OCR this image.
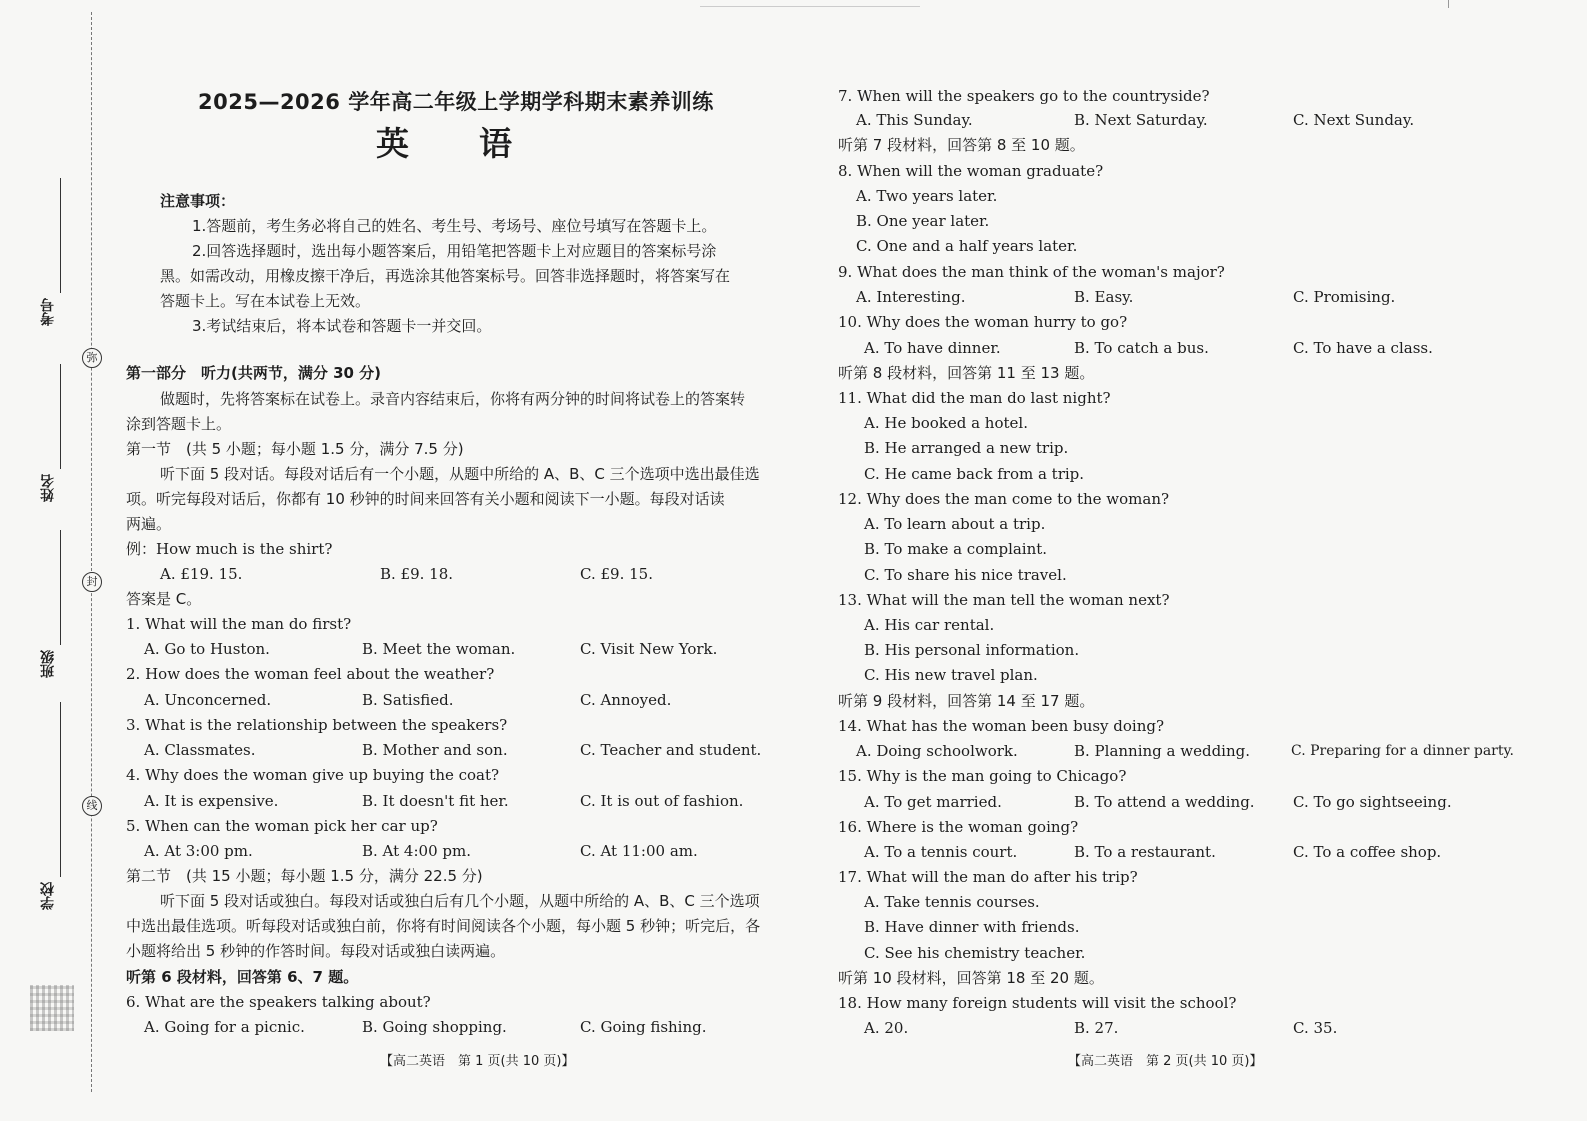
弥
封
线
考号
姓名
班级
学校
2025—2026 学年高二年级上学期学科期末素养训练
英语
注意事项：
1.答题前，考生务必将自己的姓名、考生号、考场号、座位号填写在答题卡上。
2.回答选择题时，选出每小题答案后，用铅笔把答题卡上对应题目的答案标号涂
黑。如需改动，用橡皮擦干净后，再选涂其他答案标号。回答非选择题时，将答案写在
答题卡上。写在本试卷上无效。
3.考试结束后，将本试卷和答题卡一并交回。
第一部分　听力(共两节，满分 30 分)
做题时，先将答案标在试卷上。录音内容结束后，你将有两分钟的时间将试卷上的答案转
涂到答题卡上。
第一节　(共 5 小题；每小题 1.5 分，满分 7.5 分)
听下面 5 段对话。每段对话后有一个小题，从题中所给的 A、B、C 三个选项中选出最佳选
项。听完每段对话后，你都有 10 秒钟的时间来回答有关小题和阅读下一小题。每段对话读
两遍。
例：How much is the shirt?
A. £19. 15.	B. £9. 18.	C. £9. 15.
答案是 C。
1. What will the man do first?
A. Go to Huston.	B. Meet the woman.	C. Visit New York.
2. How does the woman feel about the weather?
A. Unconcerned.	B. Satisfied.	C. Annoyed.
3. What is the relationship between the speakers?
A. Classmates.	B. Mother and son.	C. Teacher and student.
4. Why does the woman give up buying the coat?
A. It is expensive.	B. It doesn't fit her.	C. It is out of fashion.
5. When can the woman pick her car up?
A. At 3:00 pm.	B. At 4:00 pm.	C. At 11:00 am.
第二节　(共 15 小题；每小题 1.5 分，满分 22.5 分)
听下面 5 段对话或独白。每段对话或独白后有几个小题，从题中所给的 A、B、C 三个选项
中选出最佳选项。听每段对话或独白前，你将有时间阅读各个小题，每小题 5 秒钟；听完后，各
小题将给出 5 秒钟的作答时间。每段对话或独白读两遍。
听第 6 段材料，回答第 6、7 题。
6. What are the speakers talking about?
A. Going for a picnic.	B. Going shopping.	C. Going fishing.
【高二英语　第 1 页(共 10 页)】
7. When will the speakers go to the countryside?
A. This Sunday.	B. Next Saturday.	C. Next Sunday.
听第 7 段材料，回答第 8 至 10 题。
8. When will the woman graduate?
A. Two years later.
B. One year later.
C. One and a half years later.
9. What does the man think of the woman's major?
A. Interesting.	B. Easy.	C. Promising.
10. Why does the woman hurry to go?
A. To have dinner.	B. To catch a bus.	C. To have a class.
听第 8 段材料，回答第 11 至 13 题。
11. What did the man do last night?
A. He booked a hotel.
B. He arranged a new trip.
C. He came back from a trip.
12. Why does the man come to the woman?
A. To learn about a trip.
B. To make a complaint.
C. To share his nice travel.
13. What will the man tell the woman next?
A. His car rental.
B. His personal information.
C. His new travel plan.
听第 9 段材料，回答第 14 至 17 题。
14. What has the woman been busy doing?
A. Doing schoolwork.	B. Planning a wedding.	C. Preparing for a dinner party.
15. Why is the man going to Chicago?
A. To get married.	B. To attend a wedding.	C. To go sightseeing.
16. Where is the woman going?
A. To a tennis court.	B. To a restaurant.	C. To a coffee shop.
17. What will the man do after his trip?
A. Take tennis courses.
B. Have dinner with friends.
C. See his chemistry teacher.
听第 10 段材料，回答第 18 至 20 题。
18. How many foreign students will visit the school?
A. 20.	B. 27.	C. 35.
【高二英语　第 2 页(共 10 页)】
